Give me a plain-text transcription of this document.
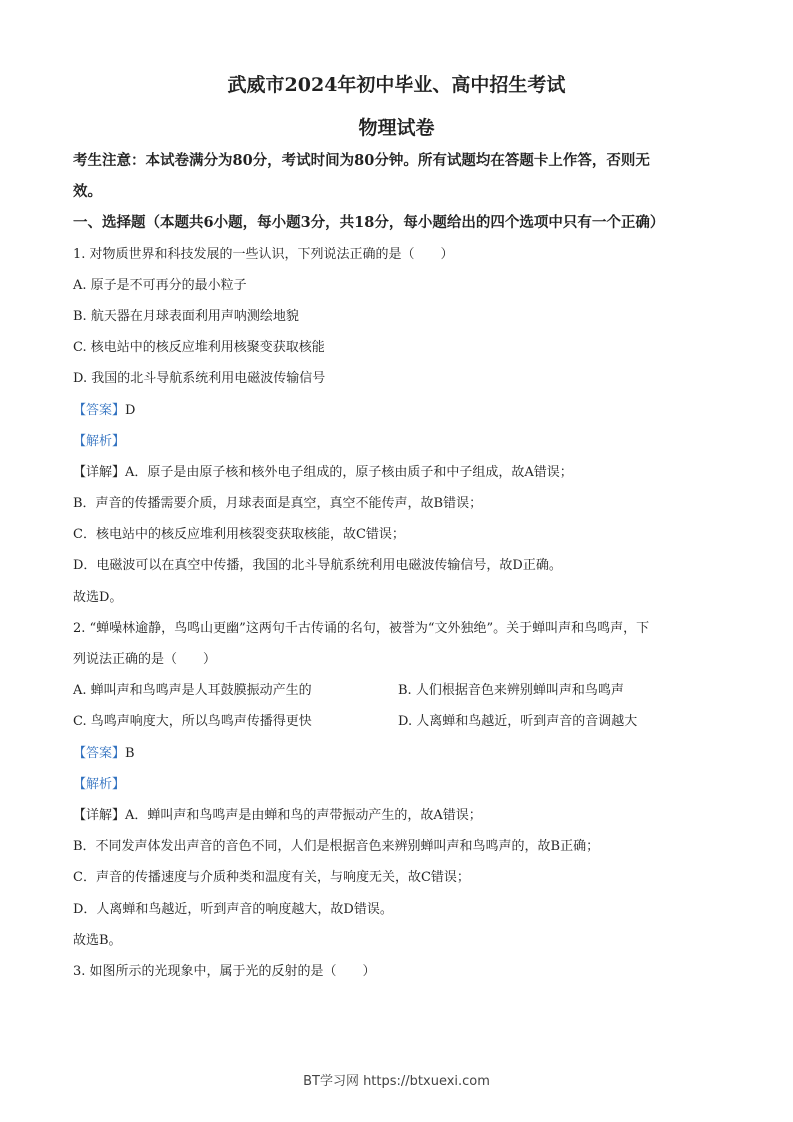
武威市2024年初中毕业、高中招生考试
物理试卷
考生注意：本试卷满分为80分，考试时间为80分钟。所有试题均在答题卡上作答，否则无
效。
一、选择题（本题共6小题，每小题3分，共18分，每小题给出的四个选项中只有一个正确）
1. 对物质世界和科技发展的一些认识，下列说法正确的是（　　）
A. 原子是不可再分的最小粒子
B. 航天器在月球表面利用声呐测绘地貌
C. 核电站中的核反应堆利用核聚变获取核能
D. 我国的北斗导航系统利用电磁波传输信号
【答案】D
【解析】
【详解】A．原子是由原子核和核外电子组成的，原子核由质子和中子组成，故A错误；
B．声音的传播需要介质，月球表面是真空，真空不能传声，故B错误；
C．核电站中的核反应堆利用核裂变获取核能，故C错误；
D．电磁波可以在真空中传播，我国的北斗导航系统利用电磁波传输信号，故D正确。
故选D。
2. “蝉噪林逾静，鸟鸣山更幽”这两句千古传诵的名句，被誉为“文外独绝”。关于蝉叫声和鸟鸣声，下
列说法正确的是（　　）
A. 蝉叫声和鸟鸣声是人耳鼓膜振动产生的	B. 人们根据音色来辨别蝉叫声和鸟鸣声
C. 鸟鸣声响度大，所以鸟鸣声传播得更快	D. 人离蝉和鸟越近，听到声音的音调越大
【答案】B
【解析】
【详解】A．蝉叫声和鸟鸣声是由蝉和鸟的声带振动产生的，故A错误；
B．不同发声体发出声音的音色不同，人们是根据音色来辨别蝉叫声和鸟鸣声的，故B正确；
C．声音的传播速度与介质种类和温度有关，与响度无关，故C错误；
D．人离蝉和鸟越近，听到声音的响度越大，故D错误。
故选B。
3. 如图所示的光现象中，属于光的反射的是（　　）
BT学习网 https://btxuexi.com
